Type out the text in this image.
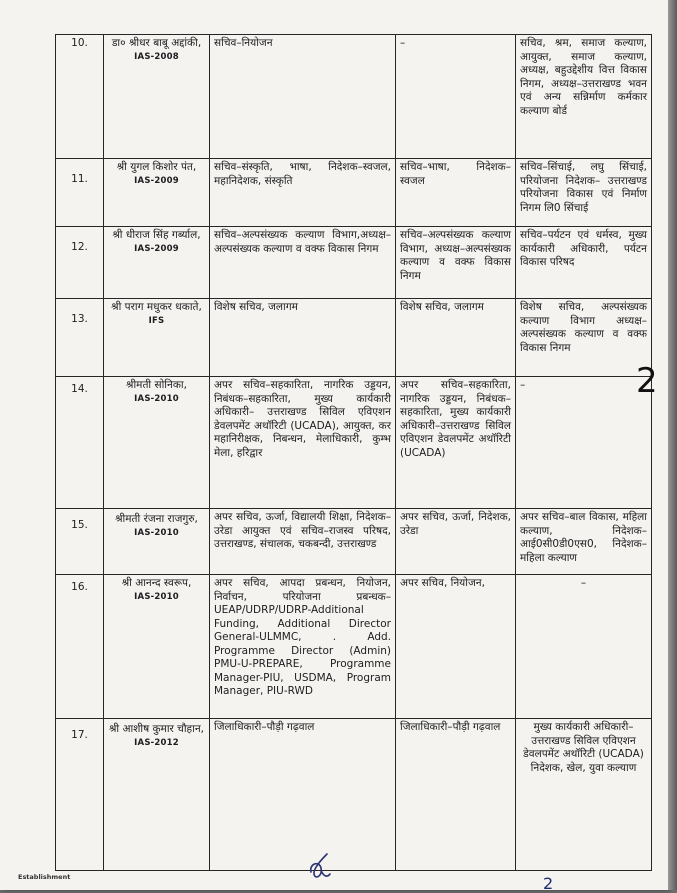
10.	डा० श्रीधर बाबू अद्दांकी,
IAS-2008	सचिव–नियोजन	–	सचिव, श्रम, समाज कल्याण, आयुक्त, समाज कल्याण, अध्यक्ष, बहुउद्देशीय वित्त विकास निगम, अध्यक्ष–उत्तराखण्ड भवन एवं अन्य सन्निर्माण कर्मकार कल्याण बोर्ड

11.	श्री युगल किशोर पंत,
IAS-2009	सचिव–संस्कृति, भाषा, निदेशक–स्वजल, महानिदेशक, संस्कृति	सचिव–भाषा, निदेशक–स्वजल	सचिव–सिंचाई, लघु सिंचाई, परियोजना निदेशक– उत्तराखण्ड परियोजना विकास एवं निर्माण निगम लि0 सिंचाई

12.	श्री धीराज सिंह गर्ब्याल,
IAS-2009	सचिव–अल्पसंख्यक कल्याण विभाग,अध्यक्ष–अल्पसंख्यक कल्याण व वक्फ विकास निगम	सचिव–अल्पसंख्यक कल्याण विभाग, अध्यक्ष–अल्पसंख्यक कल्याण व वक्फ विकास निगम	सचिव–पर्यटन एवं धर्मस्व, मुख्य कार्यकारी अधिकारी, पर्यटन विकास परिषद

13.	श्री पराग मधुकर धकाते,
IFS	विशेष सचिव, जलागम	विशेष सचिव, जलागम	विशेष सचिव, अल्पसंख्यक कल्याण विभाग अध्यक्ष–अल्पसंख्यक कल्याण व वक्फ विकास निगम

14.	श्रीमती सोनिका,
IAS-2010	अपर सचिव–सहकारिता, नागरिक उड्डयन, निबंधक–सहकारिता, मुख्य कार्यकारी अधिकारी– उत्तराखण्ड सिविल एविएशन डेवलपमेंट अथॉरिटी (UCADA), आयुक्त, कर महानिरीक्षक, निबन्धन, मेलाधिकारी, कुम्भ मेला, हरिद्वार	अपर सचिव–सहकारिता, नागरिक उड्डयन, निबंधक–सहकारिता, मुख्य कार्यकारी अधिकारी–उत्तराखण्ड सिविल एविएशन डेवलपमेंट अथॉरिटी (UCADA)	–

15.	श्रीमती रंजना राजगुरु,
IAS-2010	अपर सचिव, ऊर्जा, विद्यालयी शिक्षा, निदेशक–उरेडा आयुक्त एवं सचिव–राजस्व परिषद, उत्तराखण्ड, संचालक, चकबन्दी, उत्तराखण्ड	अपर सचिव, ऊर्जा, निदेशक, उरेडा	अपर सचिव–बाल विकास, महिला कल्याण, निदेशक–आई0सी0डी0एस0, निदेशक–महिला कल्याण

16.	श्री आनन्द स्वरूप,
IAS-2010	अपर सचिव, आपदा प्रबन्धन, नियोजन, निर्वाचन, परियोजना प्रबन्धक–UEAP/UDRP/UDRP-Additional Funding, Additional Director General-ULMMC, . Add. Programme Director (Admin) PMU-U-PREPARE, Programme Manager-PIU, USDMA, Program Manager, PIU-RWD	अपर सचिव, नियोजन,	–

17.	श्री आशीष कुमार चौहान,
IAS-2012	जिलाधिकारी–पौड़ी गढ़वाल	जिलाधिकारी–पौड़ी गढ़वाल	मुख्य कार्यकारी अधिकारी–उत्तराखण्ड सिविल एविएशन डेवलपमेंट अथॉरिटी (UCADA) निदेशक, खेल, युवा कल्याण
2
Establishment	2
